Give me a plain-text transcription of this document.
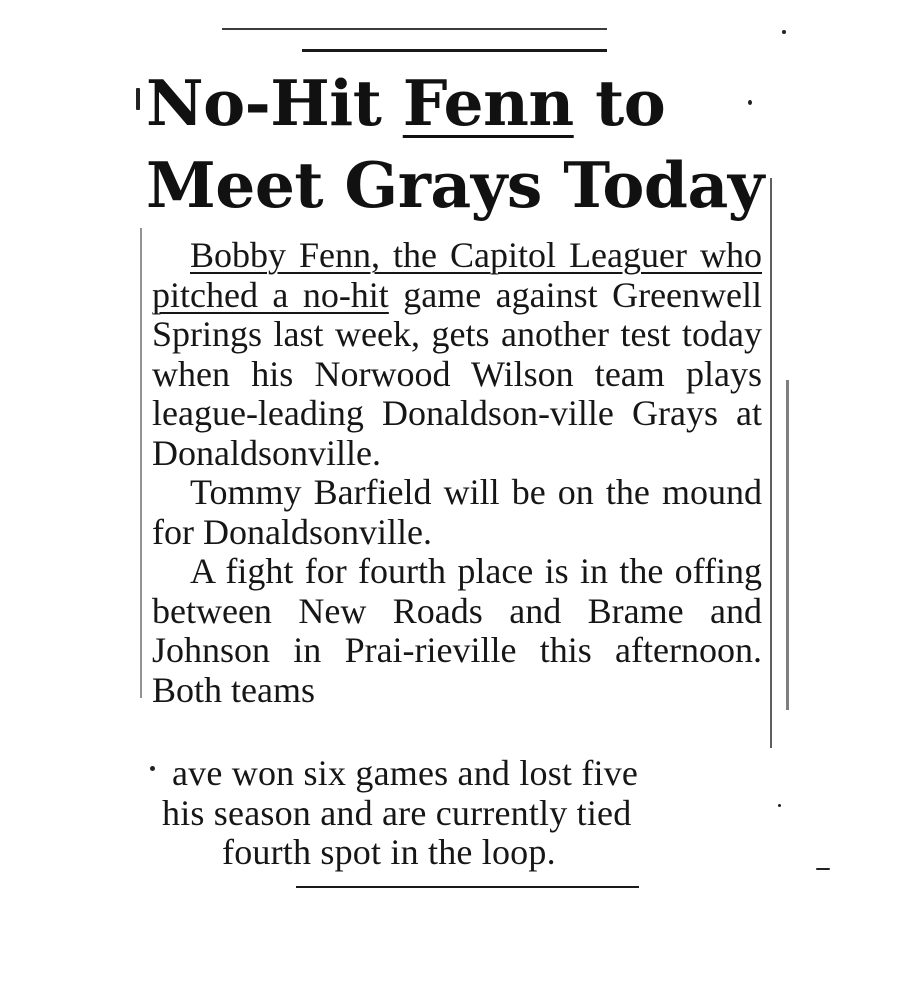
No-Hit Fenn to
Meet Grays Today

Bobby Fenn, the Capitol Leaguer who pitched a no-hit game against Greenwell Springs last week, gets another test today when his Norwood Wilson team plays league-leading Donaldson-ville Grays at Donaldsonville.

Tommy Barfield will be on the mound for Donaldsonville.

A fight for fourth place is in the offing between New Roads and Brame and Johnson in Prai-rieville this afternoon. Both teams

ave won six games and lost five
his season and are currently tied
fourth spot in the loop.
